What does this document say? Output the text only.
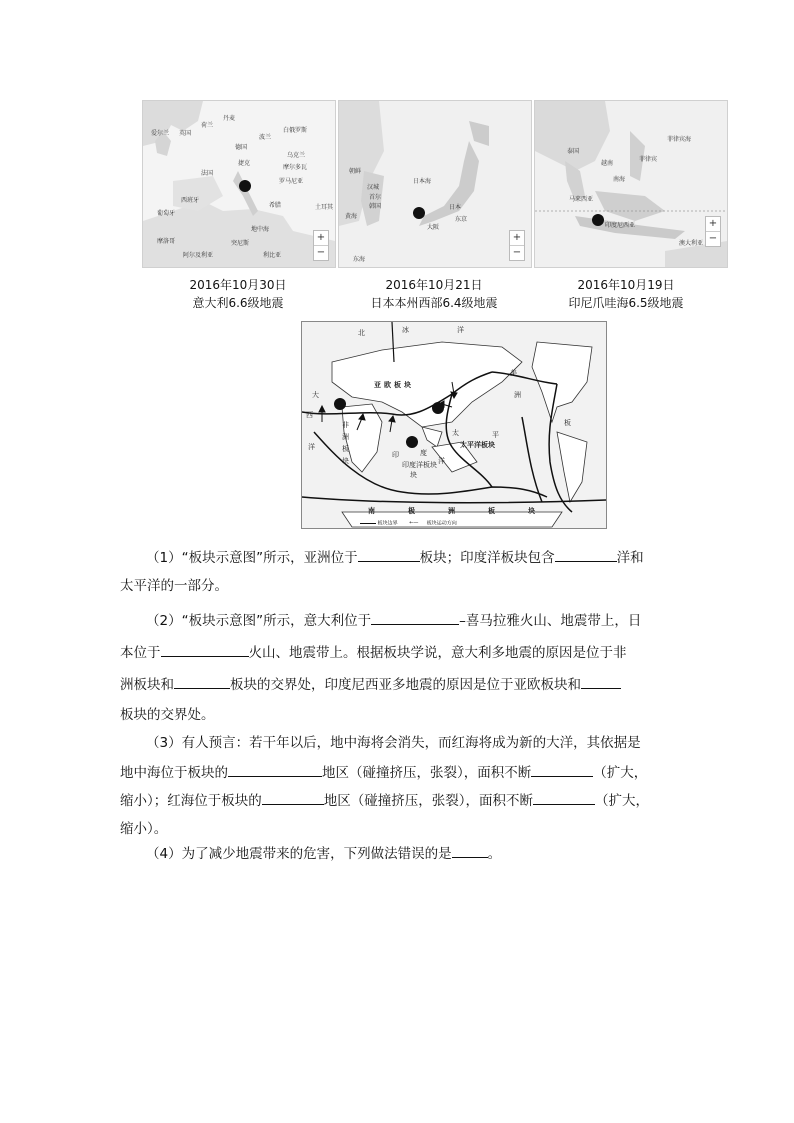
丹麦
爱尔兰 英国
荷兰
波兰
白俄罗斯
德国
乌克兰
捷克
摩尔多瓦
法国
罗马尼亚
西班牙
葡萄牙
希腊	土耳其
地中海
摩洛哥
阿尔及利亚
突尼斯
利比亚
+
−
朝鲜
日本海
汉城
韩国
首尔
日本
黄海	东京
大阪
东海
+
−
泰国
菲律宾
越南
菲律宾海
南海
马来西亚
印度尼西亚
澳大利亚
+
−
2016年10月30日
意大利6.6级地震
2016年10月21日
日本本州西部6.4级地震
2016年10月19日
印尼爪哇海6.5级地震
北	冰	洋
亚欧板块
美
洲
大
西
洋
非
洲
板
块
太	平
印	度
洋
印度洋板块
块
太平洋板块
板
南	极	洲	板	块
板块边界 ←— 板块运动方向

（1）“板块示意图”所示，亚洲位于	板块；印度洋板块包含	洋和

太平洋的一部分。

（2）“板块示意图”所示，意大利位于	–喜马拉雅火山、地震带上，日

本位于	火山、地震带上。根据板块学说，意大利多地震的原因是位于非

洲板块和	板块的交界处，印度尼西亚多地震的原因是位于亚欧板块和

板块的交界处。

（3）有人预言：若干年以后，地中海将会消失，而红海将成为新的大洋，其依据是

地中海位于板块的	地区（碰撞挤压，张裂），面积不断	（扩大，

缩小）；红海位于板块的	地区（碰撞挤压，张裂），面积不断	（扩大，

缩小）。

（4）为了减少地震带来的危害，下列做法错误的是	。
